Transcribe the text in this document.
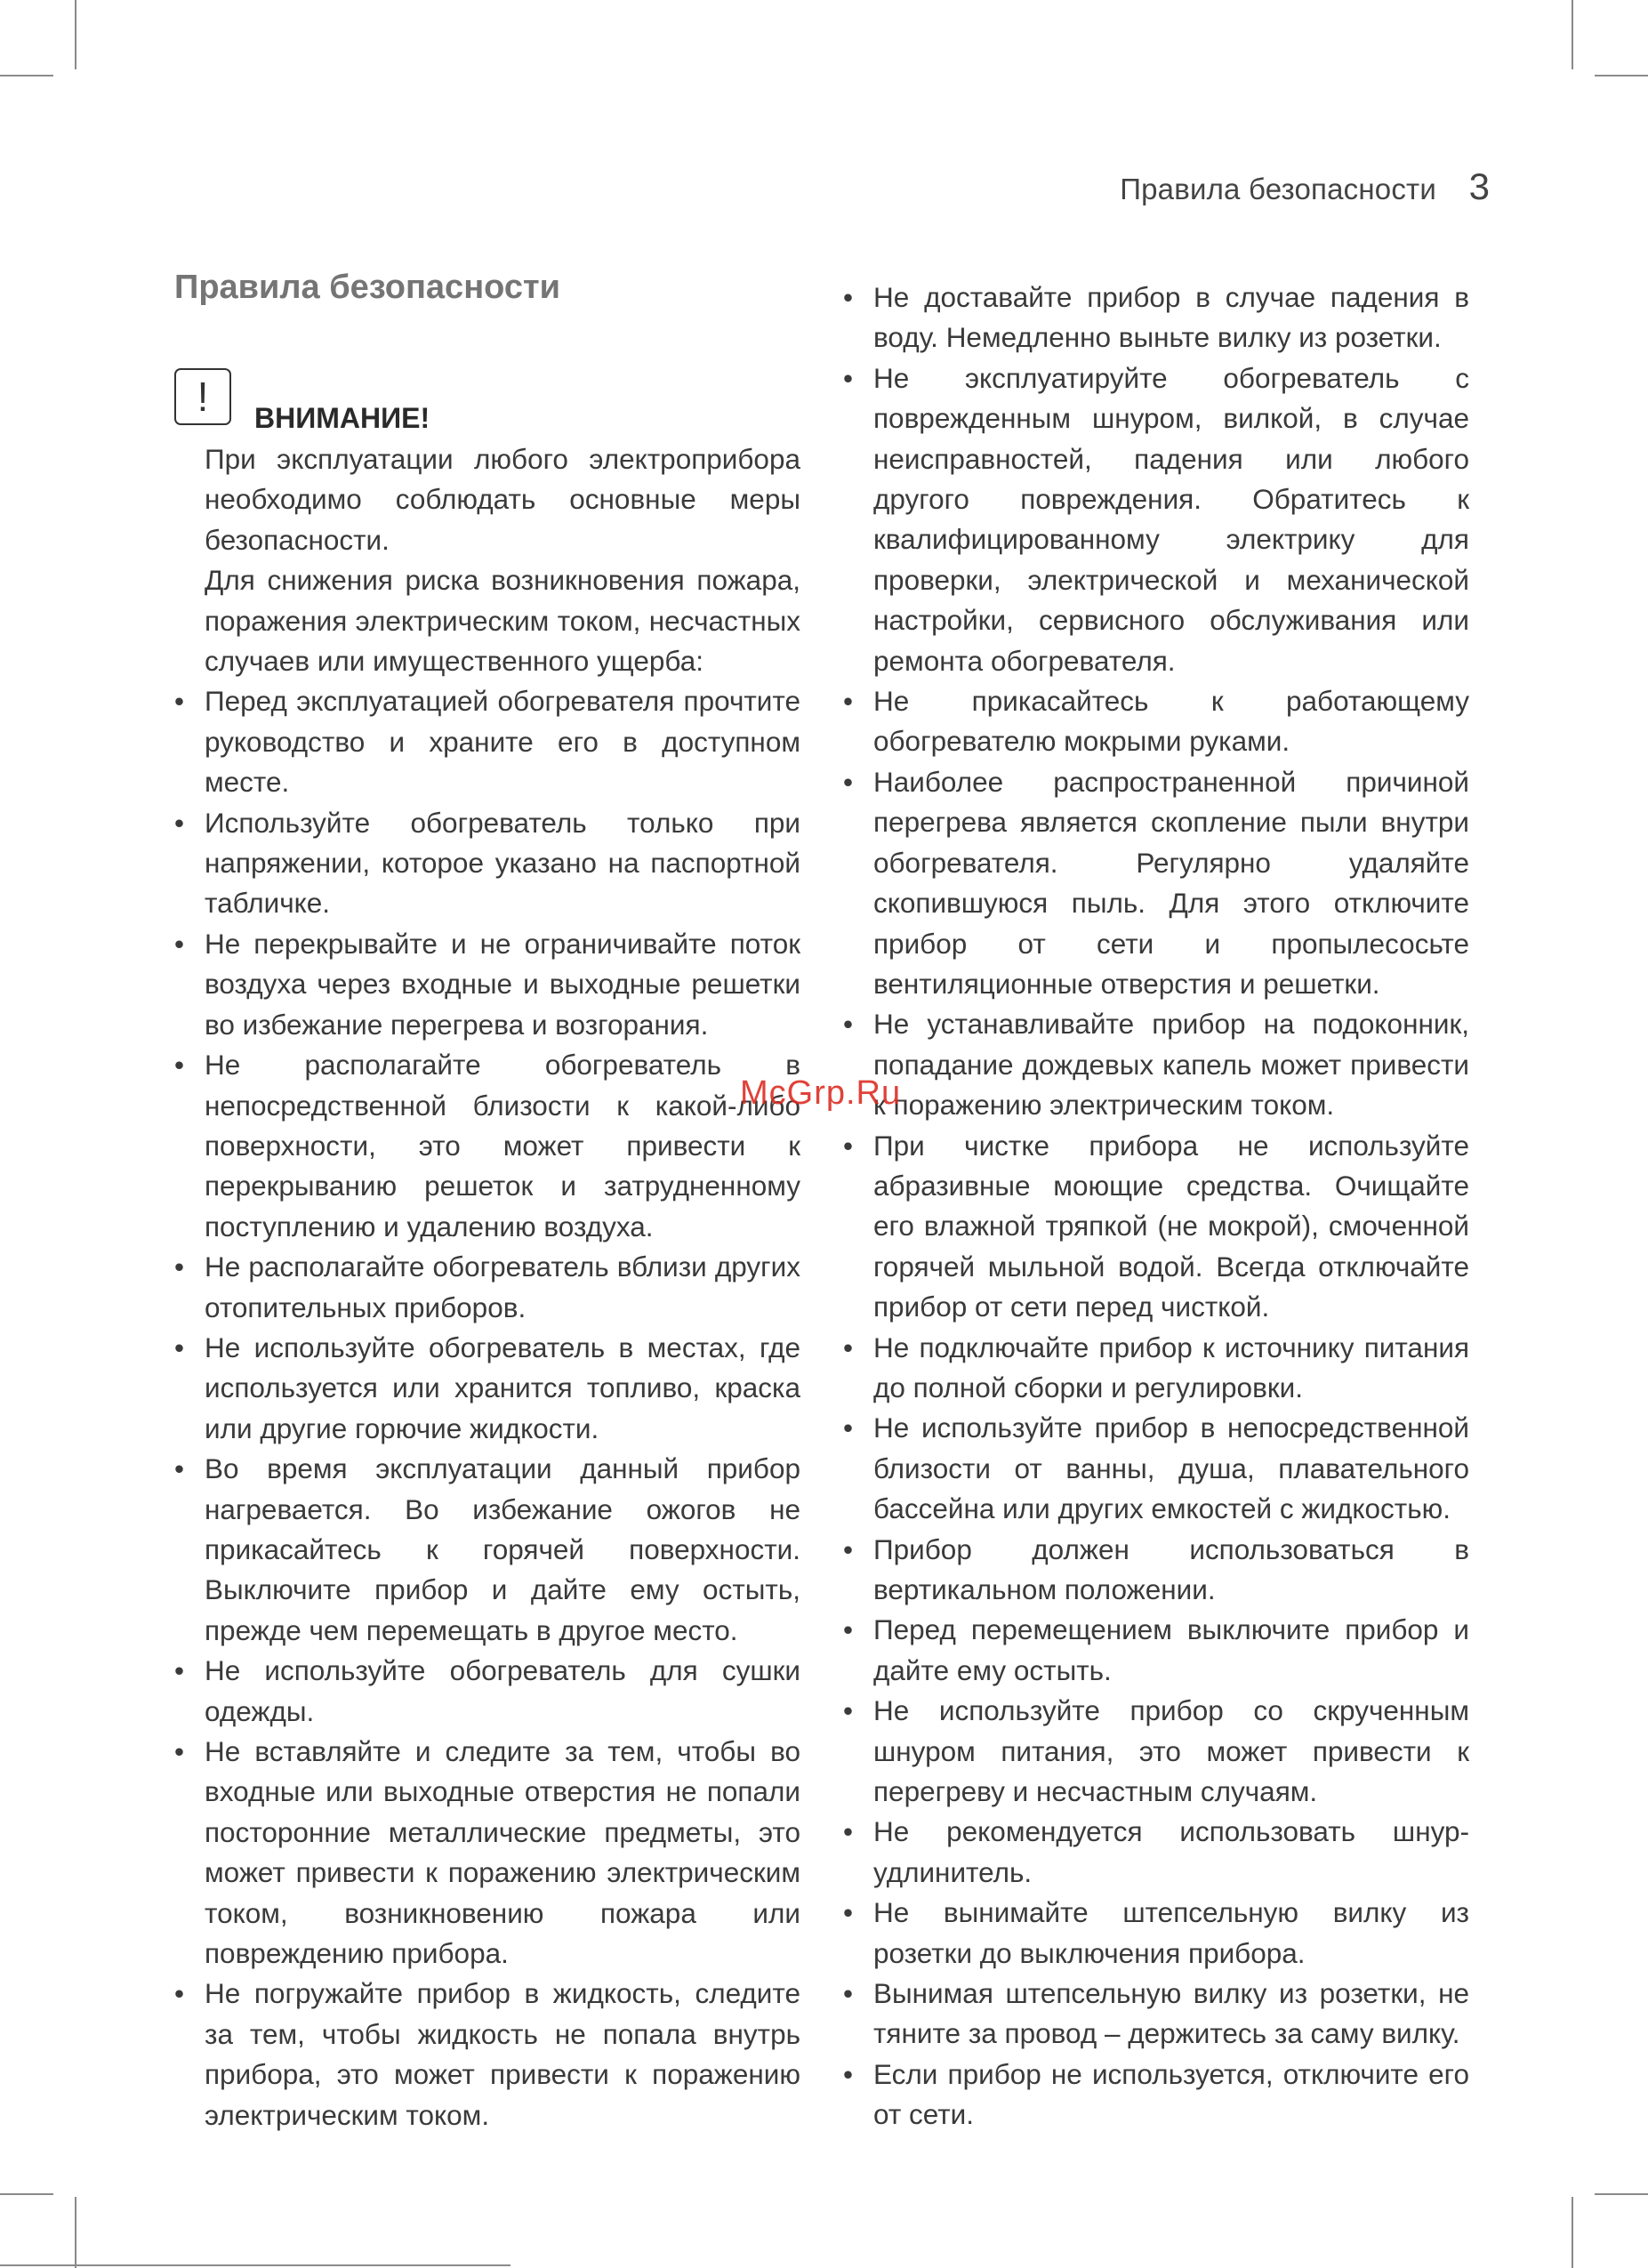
Правила безопасности 3
Правила безопасности
! ВНИМАНИЕ!

При эксплуатации любого электроприбора необходимо соблюдать основные меры безопасности.

Для снижения риска возникновения пожара, поражения электрическим током, несчастных случаев или имущественного ущерба:

• Перед эксплуатацией обогревателя прочтите руководство и храните его в доступном месте.
• Используйте обогреватель только при напряжении, которое указано на паспортной табличке.
• Не перекрывайте и не ограничивайте поток воздуха через входные и выходные решетки во избежание перегрева и возгорания.
• Не располагайте обогреватель в непосредственной близости к какой-либо поверхности, это может привести к перекрыванию решеток и затрудненному поступлению и удалению воздуха.
• Не располагайте обогреватель вблизи других отопительных приборов.
• Не используйте обогреватель в местах, где используется или хранится топливо, краска или другие горючие жидкости.
• Во время эксплуатации данный прибор нагревается. Во избежание ожогов не прикасайтесь к горячей поверхности. Выключите прибор и дайте ему остыть, прежде чем перемещать в другое место.
• Не используйте обогреватель для сушки одежды.
• Не вставляйте и следите за тем, чтобы во входные или выходные отверстия не попали посторонние металлические предметы, это может привести к поражению электрическим током, возникновению пожара или повреждению прибора.
• Не погружайте прибор в жидкость, следите за тем, чтобы жидкость не попала внутрь прибора, это может привести к поражению электрическим током.
• Не доставайте прибор в случае падения в воду. Немедленно выньте вилку из розетки.
• Не эксплуатируйте обогреватель с поврежденным шнуром, вилкой, в случае неисправностей, падения или любого другого повреждения. Обратитесь к квалифицированному электрику для проверки, электрической и механической настройки, сервисного обслуживания или ремонта обогревателя.
• Не прикасайтесь к работающему обогревателю мокрыми руками.
• Наиболее распространенной причиной перегрева является скопление пыли внутри обогревателя. Регулярно удаляйте скопившуюся пыль. Для этого отключите прибор от сети и пропылесосьте вентиляционные отверстия и решетки.
• Не устанавливайте прибор на подоконник, попадание дождевых капель может привести к поражению электрическим током.
• При чистке прибора не используйте абразивные моющие средства. Очищайте его влажной тряпкой (не мокрой), смоченной горячей мыльной водой. Всегда отключайте прибор от сети перед чисткой.
• Не подключайте прибор к источнику питания до полной сборки и регулировки.
• Не используйте прибор в непосредственной близости от ванны, душа, плавательного бассейна или других емкостей с жидкостью.
• Прибор должен использоваться в вертикальном положении.
• Перед перемещением выключите прибор и дайте ему остыть.
• Не используйте прибор со скрученным шнуром питания, это может привести к перегреву и несчастным случаям.
• Не рекомендуется использовать шнур-удлинитель.
• Не вынимайте штепсельную вилку из розетки до выключения прибора.
• Вынимая штепсельную вилку из розетки, не тяните за провод – держитесь за саму вилку.
• Если прибор не используется, отключите его от сети.
McGrp.Ru
